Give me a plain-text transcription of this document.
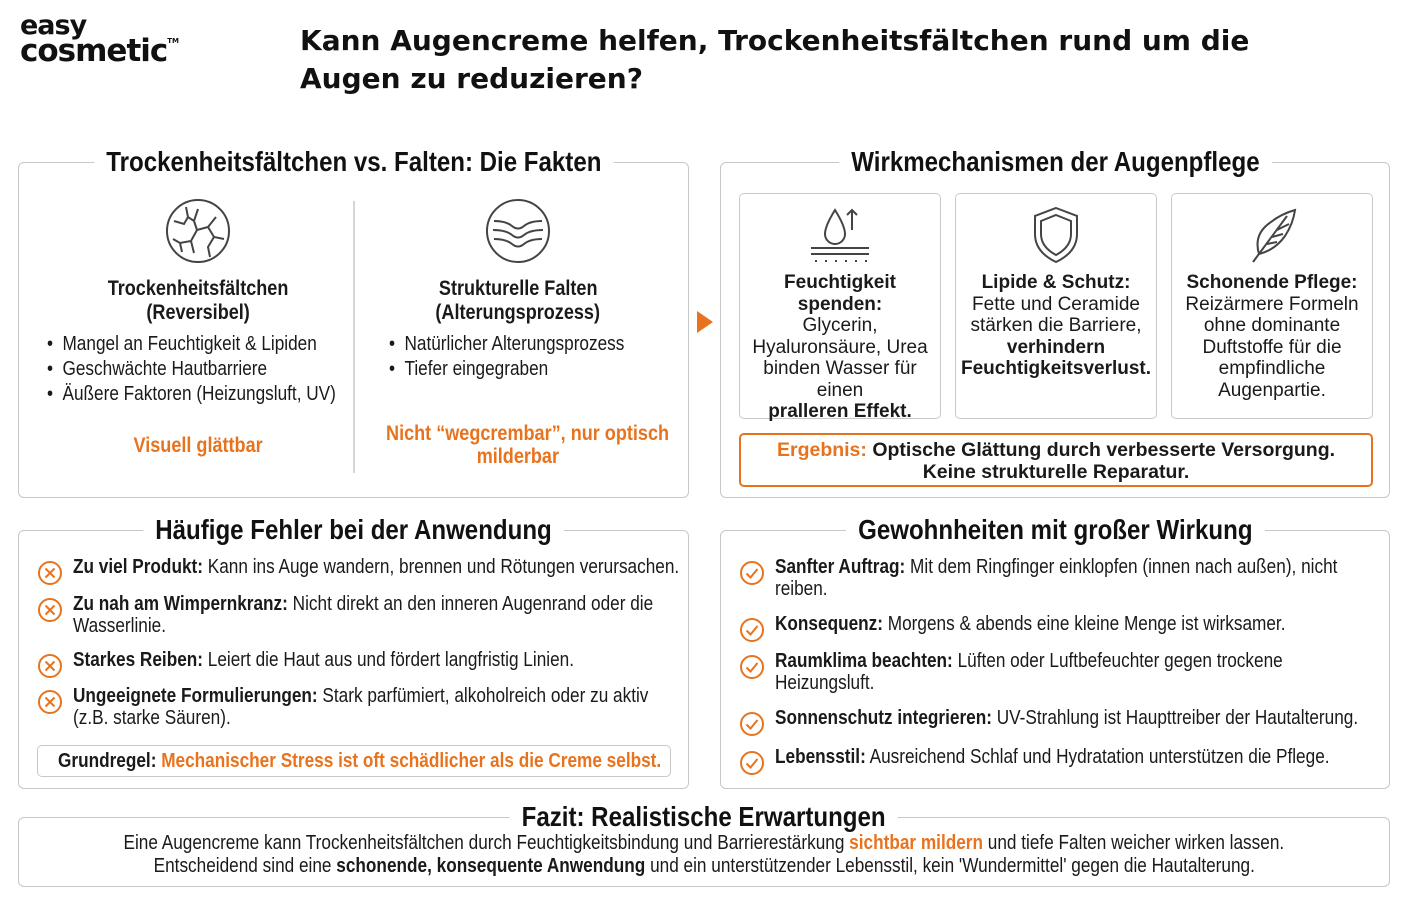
easy
cosmetic™	Kann Augencreme helfen, Trockenheitsfältchen rund um die Augen zu reduzieren?
Trockenheitsfältchen vs. Falten: Die Fakten
Trockenheitsfältchen
(Reversibel)
• Mangel an Feuchtigkeit & Lipiden
• Geschwächte Hautbarriere
• Äußere Faktoren (Heizungsluft, UV)
Visuell glättbar
Strukturelle Falten
(Alterungsprozess)
• Natürlicher Alterungsprozess
• Tiefer eingegraben
Nicht “wegcrembar”, nur optisch
milderbar
Wirkmechanismen der Augenpflege
Feuchtigkeit spenden:
Glycerin,
Hyaluronsäure, Urea
binden Wasser für
einen
pralleren Effekt.
Lipide & Schutz:
Fette und Ceramide
stärken die Barriere,
verhindern
Feuchtigkeitsverlust.
Schonende Pflege:
Reizärmere Formeln
ohne dominante
Duftstoffe für die
empfindliche
Augenpartie.
Ergebnis: Optische Glättung durch verbesserte Versorgung.
Keine strukturelle Reparatur.
Häufige Fehler bei der Anwendung
Zu viel Produkt: Kann ins Auge wandern, brennen und Rötungen verursachen.

Zu nah am Wimpernkranz: Nicht direkt an den inneren Augenrand oder die
Wasserlinie.
Starkes Reiben: Leiert die Haut aus und fördert langfristig Linien.

Ungeeignete Formulierungen: Stark parfümiert, alkoholreich oder zu aktiv
(z.B. starke Säuren).
Grundregel: Mechanischer Stress ist oft schädlicher als die Creme selbst.
Gewohnheiten mit großer Wirkung
Sanfter Auftrag: Mit dem Ringfinger einklopfen (innen nach außen), nicht
reiben.
Konsequenz: Morgens & abends eine kleine Menge ist wirksamer.

Raumklima beachten: Lüften oder Luftbefeuchter gegen trockene
Heizungsluft.
Sonnenschutz integrieren: UV-Strahlung ist Haupttreiber der Hautalterung.

Lebensstil: Ausreichend Schlaf und Hydratation unterstützen die Pflege.

Fazit: Realistische Erwartungen
Eine Augencreme kann Trockenheitsfältchen durch Feuchtigkeitsbindung und Barrierestärkung sichtbar mildern und tiefe Falten weicher wirken lassen.
Entscheidend sind eine schonende, konsequente Anwendung und ein unterstützender Lebensstil, kein 'Wundermittel' gegen die Hautalterung.
